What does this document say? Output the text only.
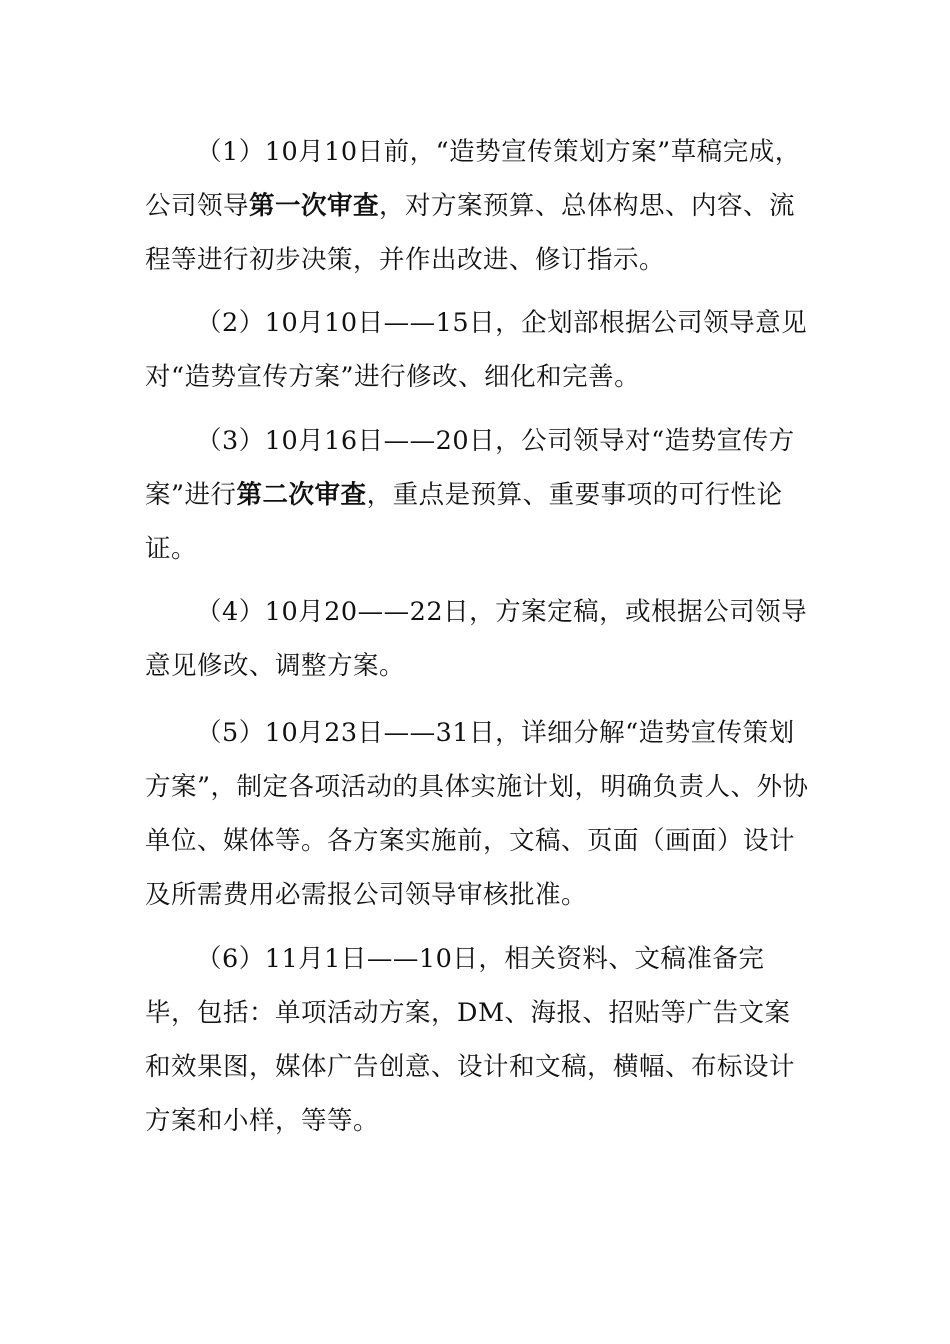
（1）10月10日前，“造势宣传策划方案”草稿完成，公司领导第一次审查，对方案预算、总体构思、内容、流程等进行初步决策，并作出改进、修订指示。

（2）10月10日——15日，企划部根据公司领导意见对“造势宣传方案”进行修改、细化和完善。

（3）10月16日——20日，公司领导对“造势宣传方案”进行第二次审查，重点是预算、重要事项的可行性论证。

（4）10月20——22日，方案定稿，或根据公司领导意见修改、调整方案。

（5）10月23日——31日，详细分解“造势宣传策划方案”，制定各项活动的具体实施计划，明确负责人、外协单位、媒体等。各方案实施前，文稿、页面（画面）设计及所需费用必需报公司领导审核批准。

（6）11月1日——10日，相关资料、文稿准备完毕，包括：单项活动方案，DM、海报、招贴等广告文案和效果图，媒体广告创意、设计和文稿，横幅、布标设计方案和小样，等等。
